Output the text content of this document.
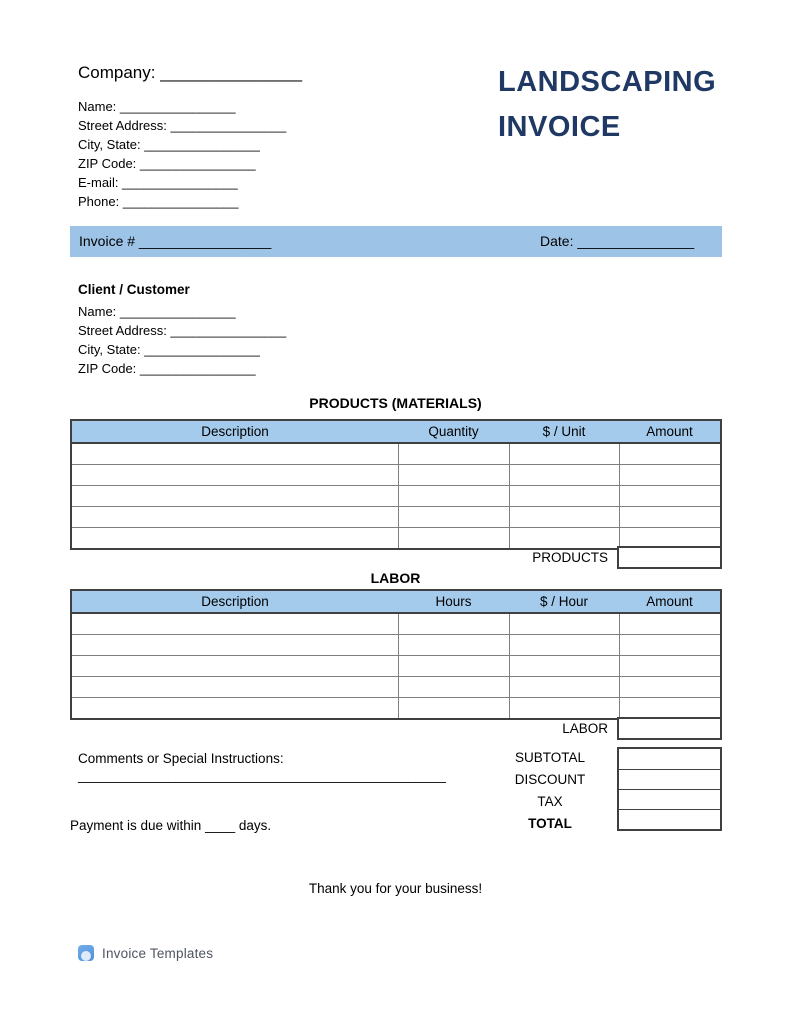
Company: _______________
Name: ________________
Street Address: ________________
City, State: ________________
ZIP Code: ________________
E-mail: ________________
Phone: ________________
LANDSCAPING
INVOICE
Invoice # _________________	Date: _______________
Client / Customer
Name: ________________
Street Address: ________________
City, State: ________________
ZIP Code: ________________
PRODUCTS (MATERIALS)
Description	Quantity	$ / Unit	Amount

PRODUCTS
LABOR
Description	Hours	$ / Hour	Amount

LABOR
Comments or Special Instructions:
_________________________________________________
Payment is due within ____ days.
SUBTOTAL
DISCOUNT
TAX
TOTAL
Thank you for your business!
Invoice Templates
